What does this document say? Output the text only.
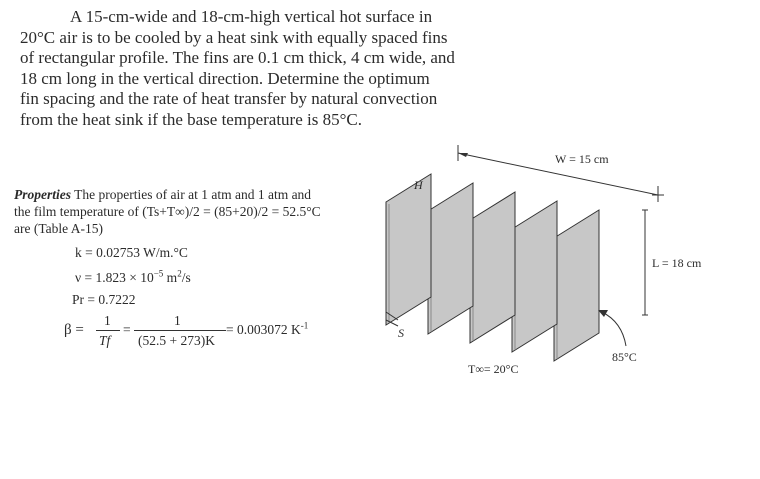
A 15-cm-wide and 18-cm-high vertical hot surface in
20°C air is to be cooled by a heat sink with equally spaced fins
of rectangular profile. The fins are 0.1 cm thick, 4 cm wide, and
18 cm long in the vertical direction. Determine the optimum
fin spacing and the rate of heat transfer by natural convection
from the heat sink if the base temperature is 85°C.
Properties The properties of air at 1 atm and 1 atm and
the film temperature of (Ts+T∞)/2 = (85+20)/2 = 52.5°C
are (Table A-15)
k = 0.02753 W/m.°C
$\nu = 1.823 \times 10^{-5}$ $m^2/s$
Pr = 0.7222
β =
1
Tf
=
1
(52.5 + 273)K
= 0.003072 $K^{-1}$
W = 15 cm
H
L = 18 cm
S
T∞= 20°C
85°C
